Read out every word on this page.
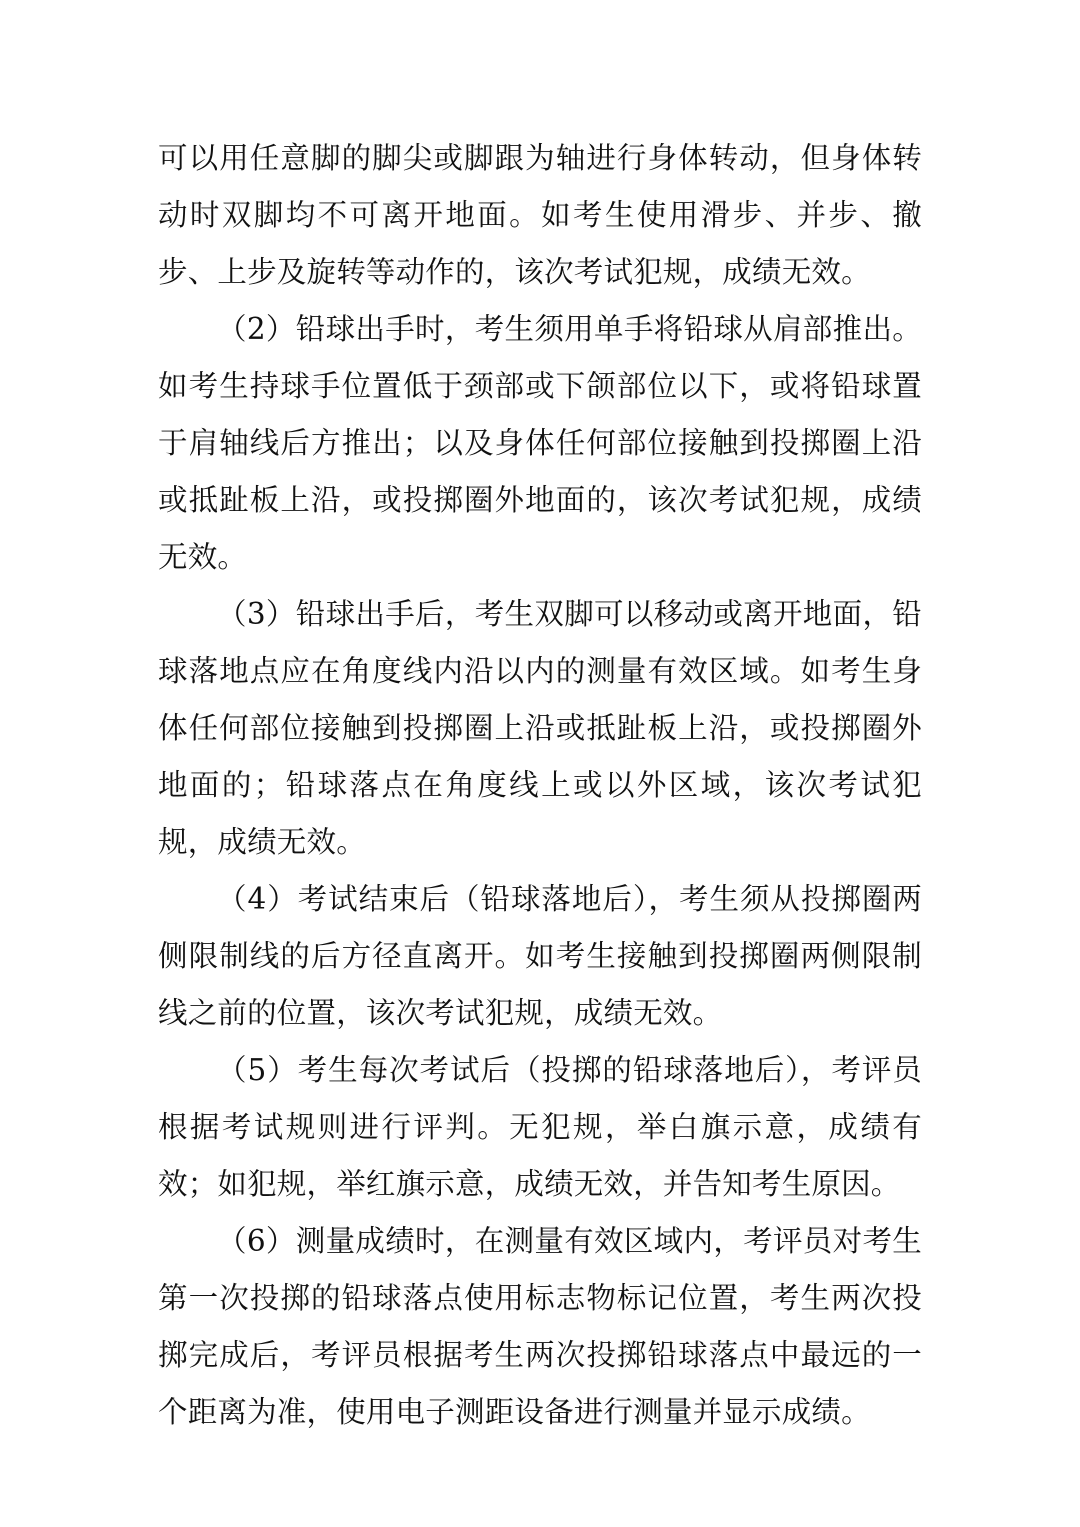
可以用任意脚的脚尖或脚跟为轴进行身体转动，但身体转动时双脚均不可离开地面。如考生使用滑步、并步、撤步、上步及旋转等动作的，该次考试犯规，成绩无效。

（2）铅球出手时，考生须用单手将铅球从肩部推出。如考生持球手位置低于颈部或下颌部位以下，或将铅球置于肩轴线后方推出；以及身体任何部位接触到投掷圈上沿或抵趾板上沿，或投掷圈外地面的，该次考试犯规，成绩无效。

（3）铅球出手后，考生双脚可以移动或离开地面，铅球落地点应在角度线内沿以内的测量有效区域。如考生身体任何部位接触到投掷圈上沿或抵趾板上沿，或投掷圈外地面的；铅球落点在角度线上或以外区域，该次考试犯规，成绩无效。

（4）考试结束后（铅球落地后），考生须从投掷圈两侧限制线的后方径直离开。如考生接触到投掷圈两侧限制线之前的位置，该次考试犯规，成绩无效。

（5）考生每次考试后（投掷的铅球落地后），考评员根据考试规则进行评判。无犯规，举白旗示意，成绩有效；如犯规，举红旗示意，成绩无效，并告知考生原因。

（6）测量成绩时，在测量有效区域内，考评员对考生第一次投掷的铅球落点使用标志物标记位置，考生两次投掷完成后，考评员根据考生两次投掷铅球落点中最远的一个距离为准，使用电子测距设备进行测量并显示成绩。
